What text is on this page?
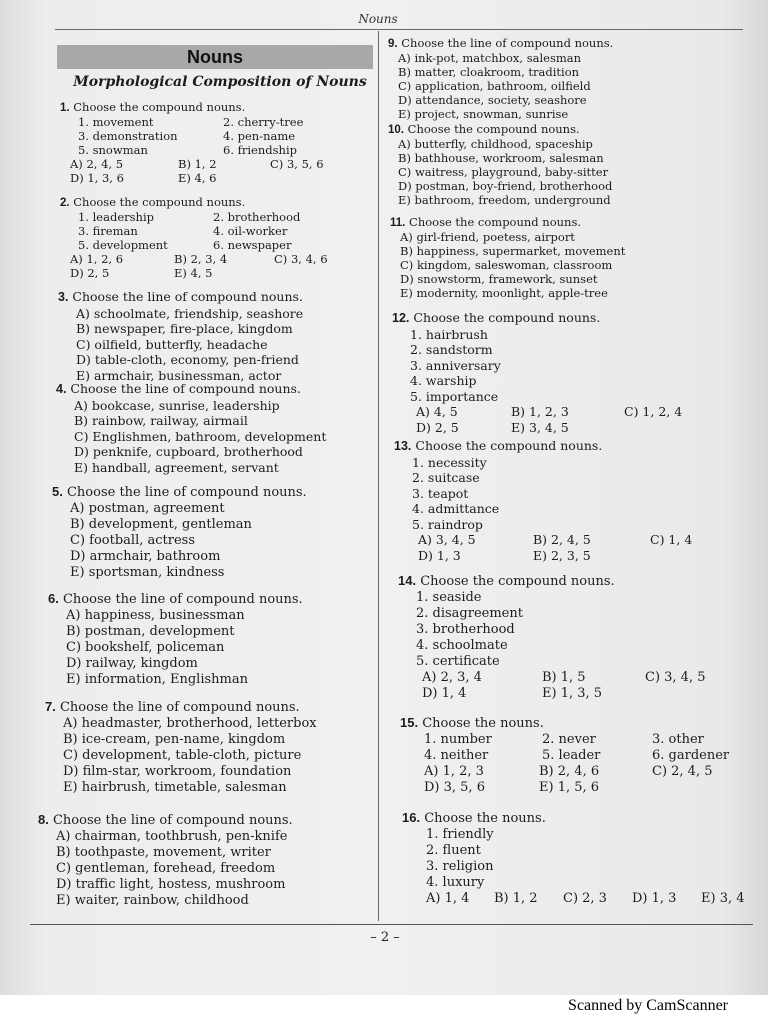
Nouns
Nouns
Morphological Composition of Nouns
1. Choose the compound nouns.
1. movement	2. cherry-tree
3. demonstration	4. pen-name
5. snowman	6. friendship
A) 2, 4, 5	B) 1, 2	C) 3, 5, 6
D) 1, 3, 6	E) 4, 6
2. Choose the compound nouns.
1. leadership	2. brotherhood
3. fireman	4. oil-worker
5. development	6. newspaper
A) 1, 2, 6	B) 2, 3, 4	C) 3, 4, 6
D) 2, 5	E) 4, 5
3. Choose the line of compound nouns.
A) schoolmate, friendship, seashore
B) newspaper, fire-place, kingdom
C) oilfield, butterfly, headache
D) table-cloth, economy, pen-friend
E) armchair, businessman, actor
4. Choose the line of compound nouns.
A) bookcase, sunrise, leadership
B) rainbow, railway, airmail
C) Englishmen, bathroom, development
D) penknife, cupboard, brotherhood
E) handball, agreement, servant
5. Choose the line of compound nouns.
A) postman, agreement
B) development, gentleman
C) football, actress
D) armchair, bathroom
E) sportsman, kindness
6. Choose the line of compound nouns.
A) happiness, businessman
B) postman, development
C) bookshelf, policeman
D) railway, kingdom
E) information, Englishman
7. Choose the line of compound nouns.
A) headmaster, brotherhood, letterbox
B) ice-cream, pen-name, kingdom
C) development, table-cloth, picture
D) film-star, workroom, foundation
E) hairbrush, timetable, salesman
8. Choose the line of compound nouns.
A) chairman, toothbrush, pen-knife
B) toothpaste, movement, writer
C) gentleman, forehead, freedom
D) traffic light, hostess, mushroom
E) waiter, rainbow, childhood
9. Choose the line of compound nouns.
A) ink-pot, matchbox, salesman
B) matter, cloakroom, tradition
C) application, bathroom, oilfield
D) attendance, society, seashore
E) project, snowman, sunrise
10. Choose the compound nouns.
A) butterfly, childhood, spaceship
B) bathhouse, workroom, salesman
C) waitress, playground, baby-sitter
D) postman, boy-friend, brotherhood
E) bathroom, freedom, underground
11. Choose the compound nouns.
A) girl-friend, poetess, airport
B) happiness, supermarket, movement
C) kingdom, saleswoman, classroom
D) snowstorm, framework, sunset
E) modernity, moonlight, apple-tree
12. Choose the compound nouns.
1. hairbrush
2. sandstorm
3. anniversary
4. warship
5. importance
A) 4, 5	B) 1, 2, 3	C) 1, 2, 4
D) 2, 5	E) 3, 4, 5
13. Choose the compound nouns.
1. necessity
2. suitcase
3. teapot
4. admittance
5. raindrop
A) 3, 4, 5	B) 2, 4, 5	C) 1, 4
D) 1, 3	E) 2, 3, 5
14. Choose the compound nouns.
1. seaside
2. disagreement
3. brotherhood
4. schoolmate
5. certificate
A) 2, 3, 4	B) 1, 5	C) 3, 4, 5
D) 1, 4	E) 1, 3, 5
15. Choose the nouns.
1. number	2. never	3. other
4. neither	5. leader	6. gardener
A) 1, 2, 3	B) 2, 4, 6	C) 2, 4, 5
D) 3, 5, 6	E) 1, 5, 6
16. Choose the nouns.
1. friendly
2. fluent
3. religion
4. luxury
A) 1, 4	B) 1, 2	C) 2, 3	D) 1, 3	E) 3, 4
– 2 –
Scanned by CamScanner
